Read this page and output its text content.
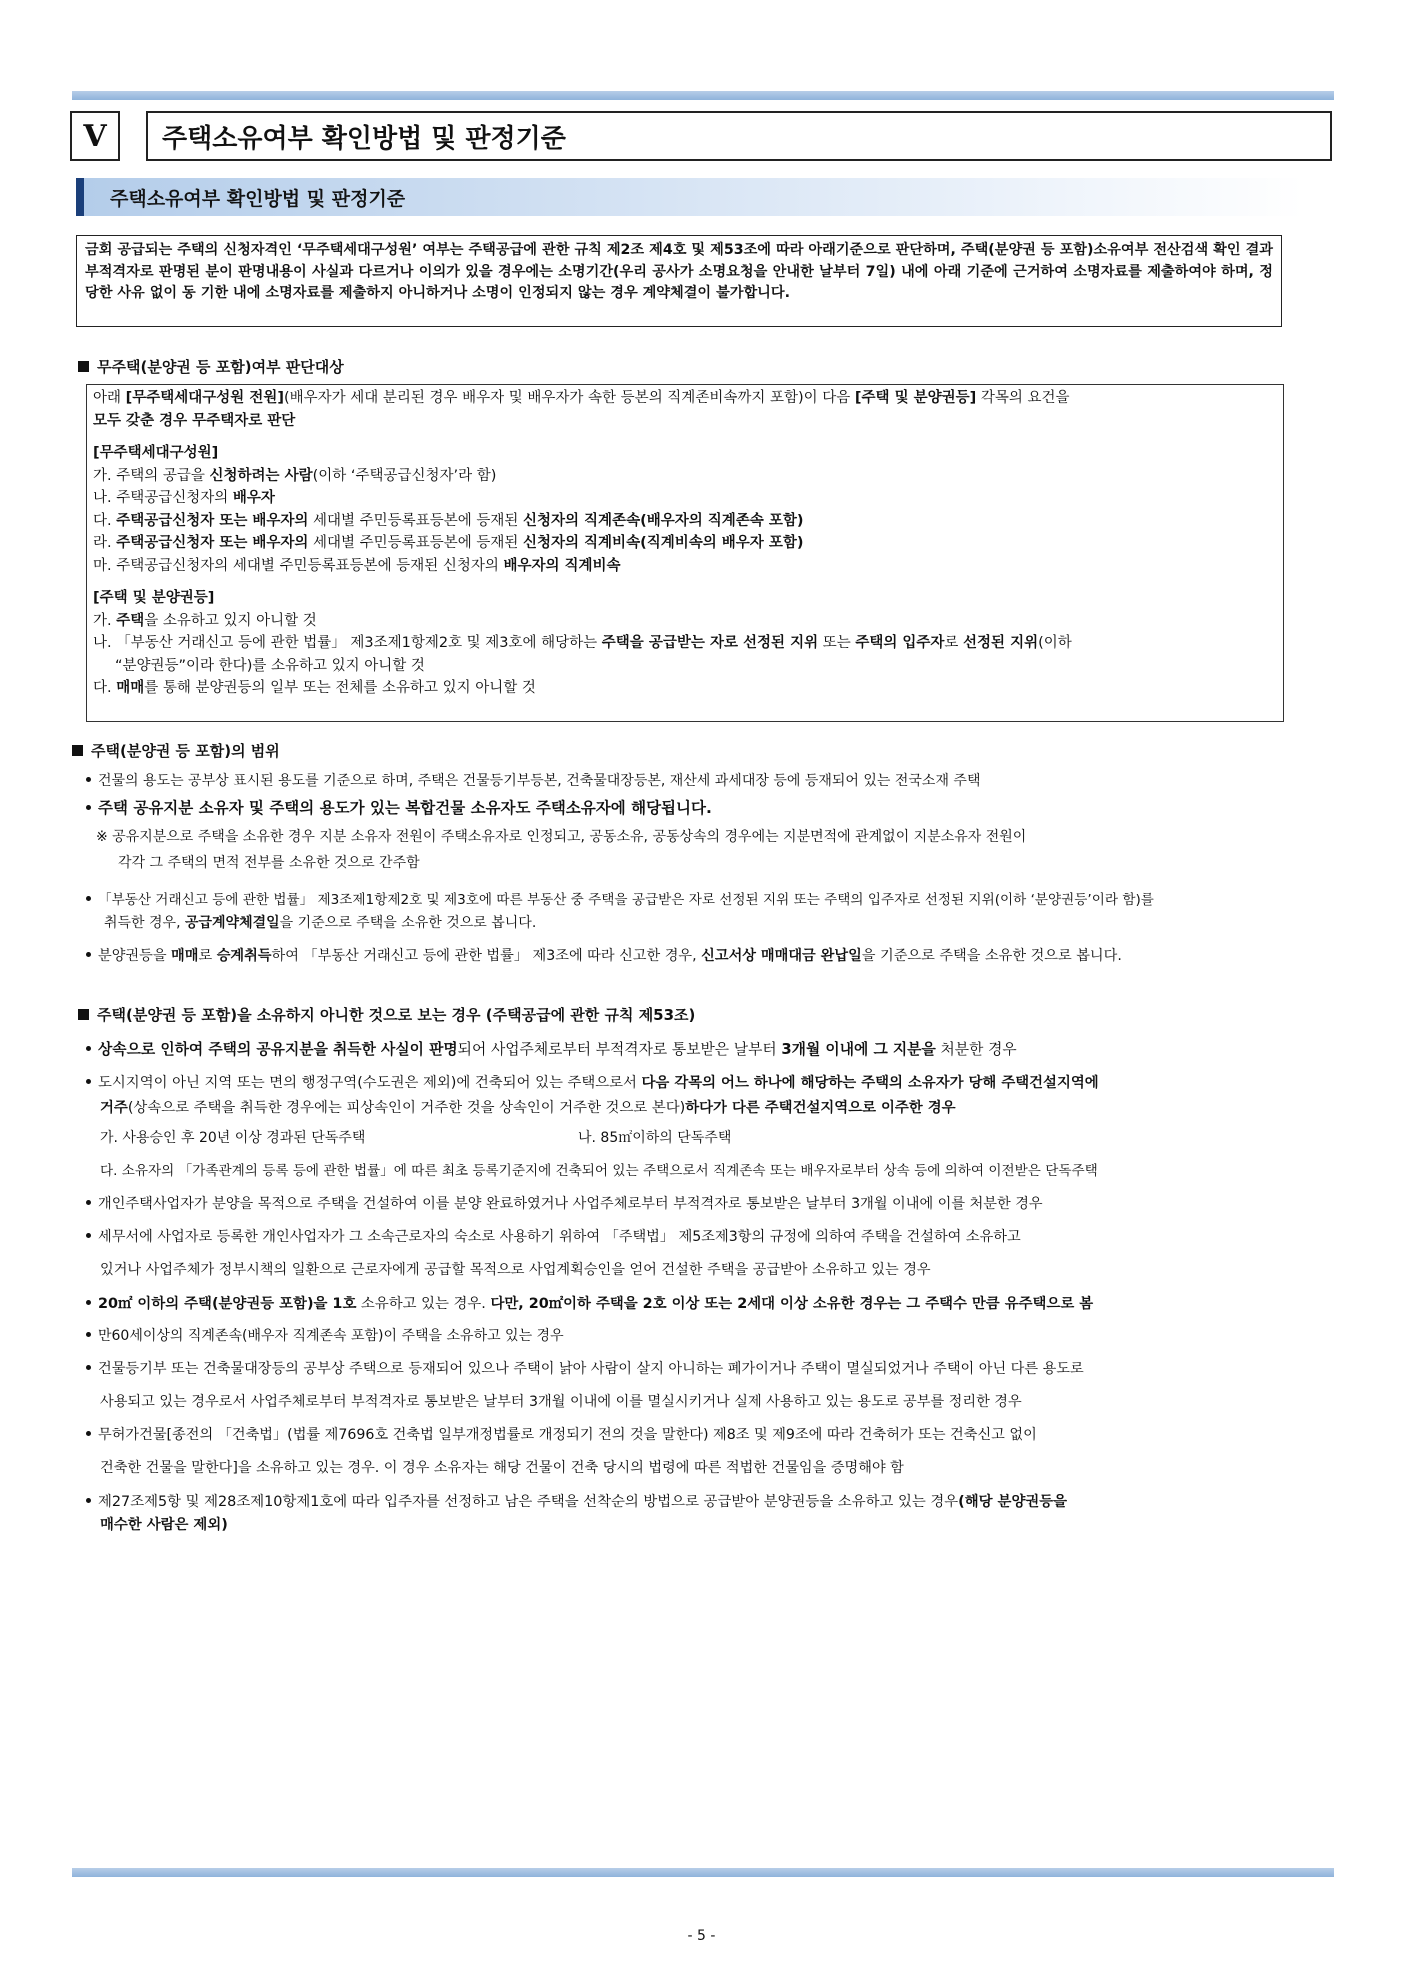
V	주택소유여부 확인방법 및 판정기준
주택소유여부 확인방법 및 판정기준
금회 공급되는 주택의 신청자격인 ‘무주택세대구성원’ 여부는 주택공급에 관한 규칙 제2조 제4호 및 제53조에 따라 아래기준으로 판단하며, 주택(분양권 등 포함)소유여부 전산검색 확인 결과 부적격자로 판명된 분이 판명내용이 사실과 다르거나 이의가 있을 경우에는 소명기간(우리 공사가 소명요청을 안내한 날부터 7일) 내에 아래 기준에 근거하여 소명자료를 제출하여야 하며, 정당한 사유 없이 동 기한 내에 소명자료를 제출하지 아니하거나 소명이 인정되지 않는 경우 계약체결이 불가합니다.
무주택(분양권 등 포함)여부 판단대상
아래 [무주택세대구성원 전원](배우자가 세대 분리된 경우 배우자 및 배우자가 속한 등본의 직계존비속까지 포함)이 다음 [주택 및 분양권등] 각목의 요건을
모두 갖춘 경우 무주택자로 판단
[무주택세대구성원]
가. 주택의 공급을 신청하려는 사람(이하 ‘주택공급신청자’라 함)
나. 주택공급신청자의 배우자
다. 주택공급신청자 또는 배우자의 세대별 주민등록표등본에 등재된 신청자의 직계존속(배우자의 직계존속 포함)
라. 주택공급신청자 또는 배우자의 세대별 주민등록표등본에 등재된 신청자의 직계비속(직계비속의 배우자 포함)
마. 주택공급신청자의 세대별 주민등록표등본에 등재된 신청자의 배우자의 직계비속
[주택 및 분양권등]
가. 주택을 소유하고 있지 아니할 것
나. 「부동산 거래신고 등에 관한 법률」 제3조제1항제2호 및 제3호에 해당하는 주택을 공급받는 자로 선정된 지위 또는 주택의 입주자로 선정된 지위(이하
“분양권등”이라 한다)를 소유하고 있지 아니할 것
다. 매매를 통해 분양권등의 일부 또는 전체를 소유하고 있지 아니할 것
주택(분양권 등 포함)의 범위
건물의 용도는 공부상 표시된 용도를 기준으로 하며, 주택은 건물등기부등본, 건축물대장등본, 재산세 과세대장 등에 등재되어 있는 전국소재 주택
주택 공유지분 소유자 및 주택의 용도가 있는 복합건물 소유자도 주택소유자에 해당됩니다.
※ 공유지분으로 주택을 소유한 경우 지분 소유자 전원이 주택소유자로 인정되고, 공동소유, 공동상속의 경우에는 지분면적에 관계없이 지분소유자 전원이
각각 그 주택의 면적 전부를 소유한 것으로 간주함
「부동산 거래신고 등에 관한 법률」 제3조제1항제2호 및 제3호에 따른 부동산 중 주택을 공급받은 자로 선정된 지위 또는 주택의 입주자로 선정된 지위(이하 ‘분양권등’이라 함)를
취득한 경우, 공급계약체결일을 기준으로 주택을 소유한 것으로 봅니다.
분양권등을 매매로 승계취득하여 「부동산 거래신고 등에 관한 법률」 제3조에 따라 신고한 경우, 신고서상 매매대금 완납일을 기준으로 주택을 소유한 것으로 봅니다.
주택(분양권 등 포함)을 소유하지 아니한 것으로 보는 경우 (주택공급에 관한 규칙 제53조)
상속으로 인하여 주택의 공유지분을 취득한 사실이 판명되어 사업주체로부터 부적격자로 통보받은 날부터 3개월 이내에 그 지분을 처분한 경우
도시지역이 아닌 지역 또는 면의 행정구역(수도권은 제외)에 건축되어 있는 주택으로서 다음 각목의 어느 하나에 해당하는 주택의 소유자가 당해 주택건설지역에
거주(상속으로 주택을 취득한 경우에는 피상속인이 거주한 것을 상속인이 거주한 것으로 본다)하다가 다른 주택건설지역으로 이주한 경우
가. 사용승인 후 20년 이상 경과된 단독주택	나. 85㎡이하의 단독주택
다. 소유자의 「가족관계의 등록 등에 관한 법률」에 따른 최초 등록기준지에 건축되어 있는 주택으로서 직계존속 또는 배우자로부터 상속 등에 의하여 이전받은 단독주택
개인주택사업자가 분양을 목적으로 주택을 건설하여 이를 분양 완료하였거나 사업주체로부터 부적격자로 통보받은 날부터 3개월 이내에 이를 처분한 경우
세무서에 사업자로 등록한 개인사업자가 그 소속근로자의 숙소로 사용하기 위하여 「주택법」 제5조제3항의 규정에 의하여 주택을 건설하여 소유하고
있거나 사업주체가 정부시책의 일환으로 근로자에게 공급할 목적으로 사업계획승인을 얻어 건설한 주택을 공급받아 소유하고 있는 경우
20㎡ 이하의 주택(분양권등 포함)을 1호 소유하고 있는 경우. 다만, 20㎡이하 주택을 2호 이상 또는 2세대 이상 소유한 경우는 그 주택수 만큼 유주택으로 봄
만60세이상의 직계존속(배우자 직계존속 포함)이 주택을 소유하고 있는 경우
건물등기부 또는 건축물대장등의 공부상 주택으로 등재되어 있으나 주택이 낡아 사람이 살지 아니하는 폐가이거나 주택이 멸실되었거나 주택이 아닌 다른 용도로
사용되고 있는 경우로서 사업주체로부터 부적격자로 통보받은 날부터 3개월 이내에 이를 멸실시키거나 실제 사용하고 있는 용도로 공부를 정리한 경우
무허가건물[종전의 「건축법」(법률 제7696호 건축법 일부개정법률로 개정되기 전의 것을 말한다) 제8조 및 제9조에 따라 건축허가 또는 건축신고 없이
건축한 건물을 말한다]을 소유하고 있는 경우. 이 경우 소유자는 해당 건물이 건축 당시의 법령에 따른 적법한 건물임을 증명해야 함
제27조제5항 및 제28조제10항제1호에 따라 입주자를 선정하고 남은 주택을 선착순의 방법으로 공급받아 분양권등을 소유하고 있는 경우(해당 분양권등을
매수한 사람은 제외)
- 5 -
